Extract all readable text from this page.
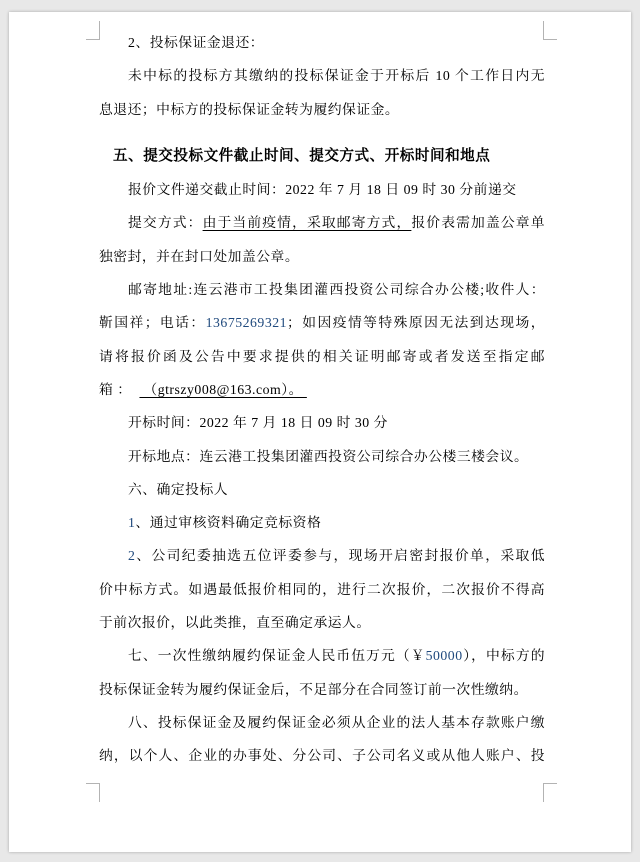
2、投标保证金退还：
未中标的投标方其缴纳的投标保证金于开标后 10 个工作日内无
息退还；中标方的投标保证金转为履约保证金。
五、提交投标文件截止时间、提交方式、开标时间和地点
报价文件递交截止时间：2022 年 7 月 18 日 09 时 30 分前递交
提交方式：由于当前疫情，采取邮寄方式，报价表需加盖公章单
独密封，并在封口处加盖公章。
邮寄地址:连云港市工投集团灌西投资公司综合办公楼;收件人：
靳国祥；电话：13675269321；如因疫情等特殊原因无法到达现场，
请将报价函及公告中要求提供的相关证明邮寄或者发送至指定邮
箱 ：   （gtrszy008@163.com）。
开标时间：2022 年 7 月 18 日 09 时 30 分
开标地点：连云港工投集团灌西投资公司综合办公楼三楼会议。
六、确定投标人
1、通过审核资料确定竞标资格
2、公司纪委抽选五位评委参与，现场开启密封报价单，采取低
价中标方式。如遇最低报价相同的，进行二次报价，二次报价不得高
于前次报价，以此类推，直至确定承运人。
七、一次性缴纳履约保证金人民币伍万元（￥50000），中标方的
投标保证金转为履约保证金后，不足部分在合同签订前一次性缴纳。
八、投标保证金及履约保证金必须从企业的法人基本存款账户缴
纳，以个人、企业的办事处、分公司、子公司名义或从他人账户、投
